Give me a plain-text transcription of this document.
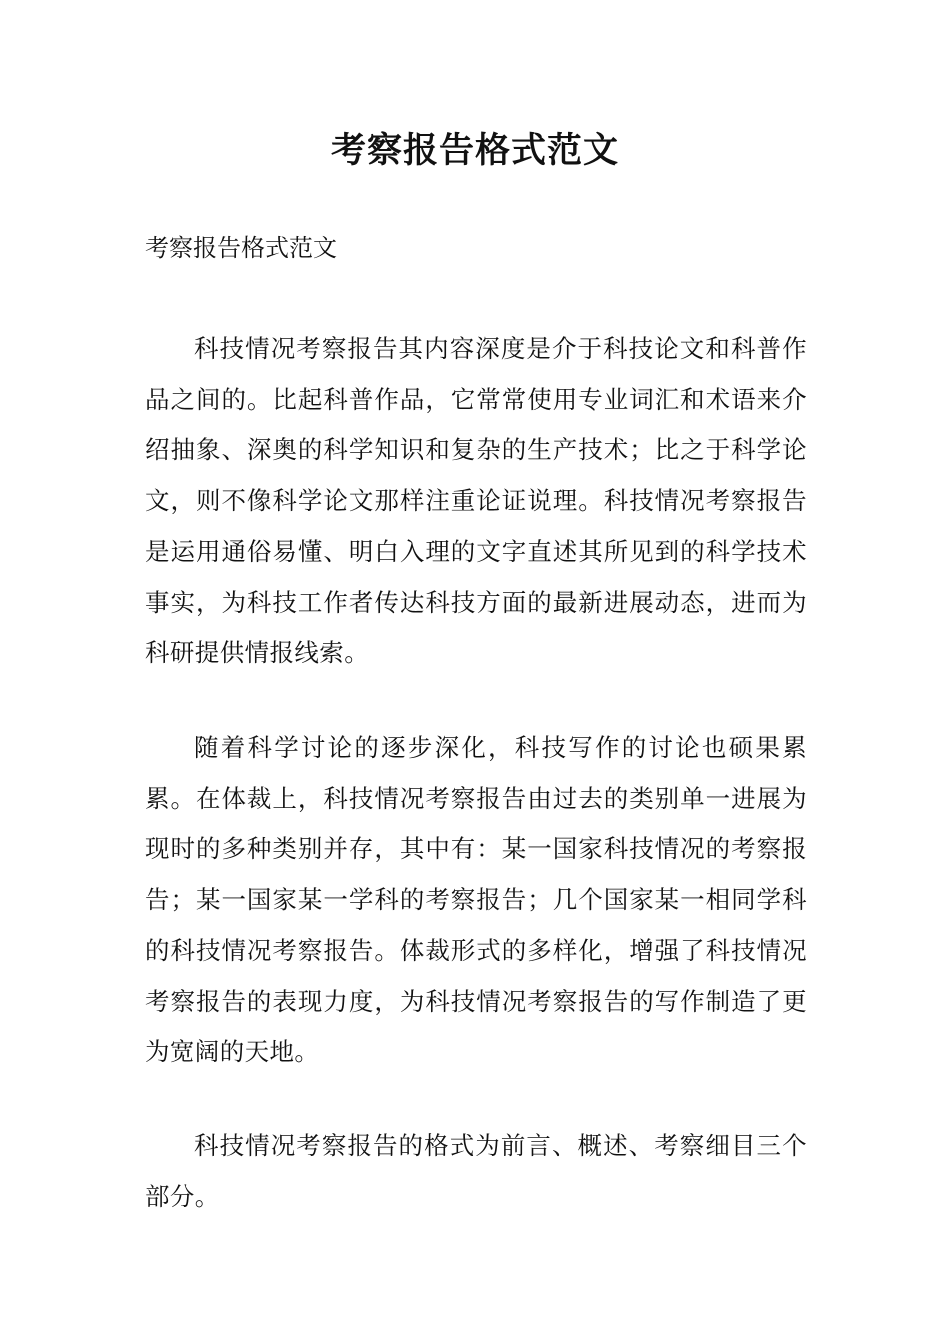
考察报告格式范文

考察报告格式范文

科技情况考察报告其内容深度是介于科技论文和科普作品之间的。比起科普作品，它常常使用专业词汇和术语来介绍抽象、深奥的科学知识和复杂的生产技术；比之于科学论文，则不像科学论文那样注重论证说理。科技情况考察报告是运用通俗易懂、明白入理的文字直述其所见到的科学技术事实，为科技工作者传达科技方面的最新进展动态，进而为科研提供情报线索。

随着科学讨论的逐步深化，科技写作的讨论也硕果累累。在体裁上，科技情况考察报告由过去的类别单一进展为现时的多种类别并存，其中有：某一国家科技情况的考察报告；某一国家某一学科的考察报告；几个国家某一相同学科的科技情况考察报告。体裁形式的多样化，增强了科技情况考察报告的表现力度，为科技情况考察报告的写作制造了更为宽阔的天地。

科技情况考察报告的格式为前言、概述、考察细目三个部分。
